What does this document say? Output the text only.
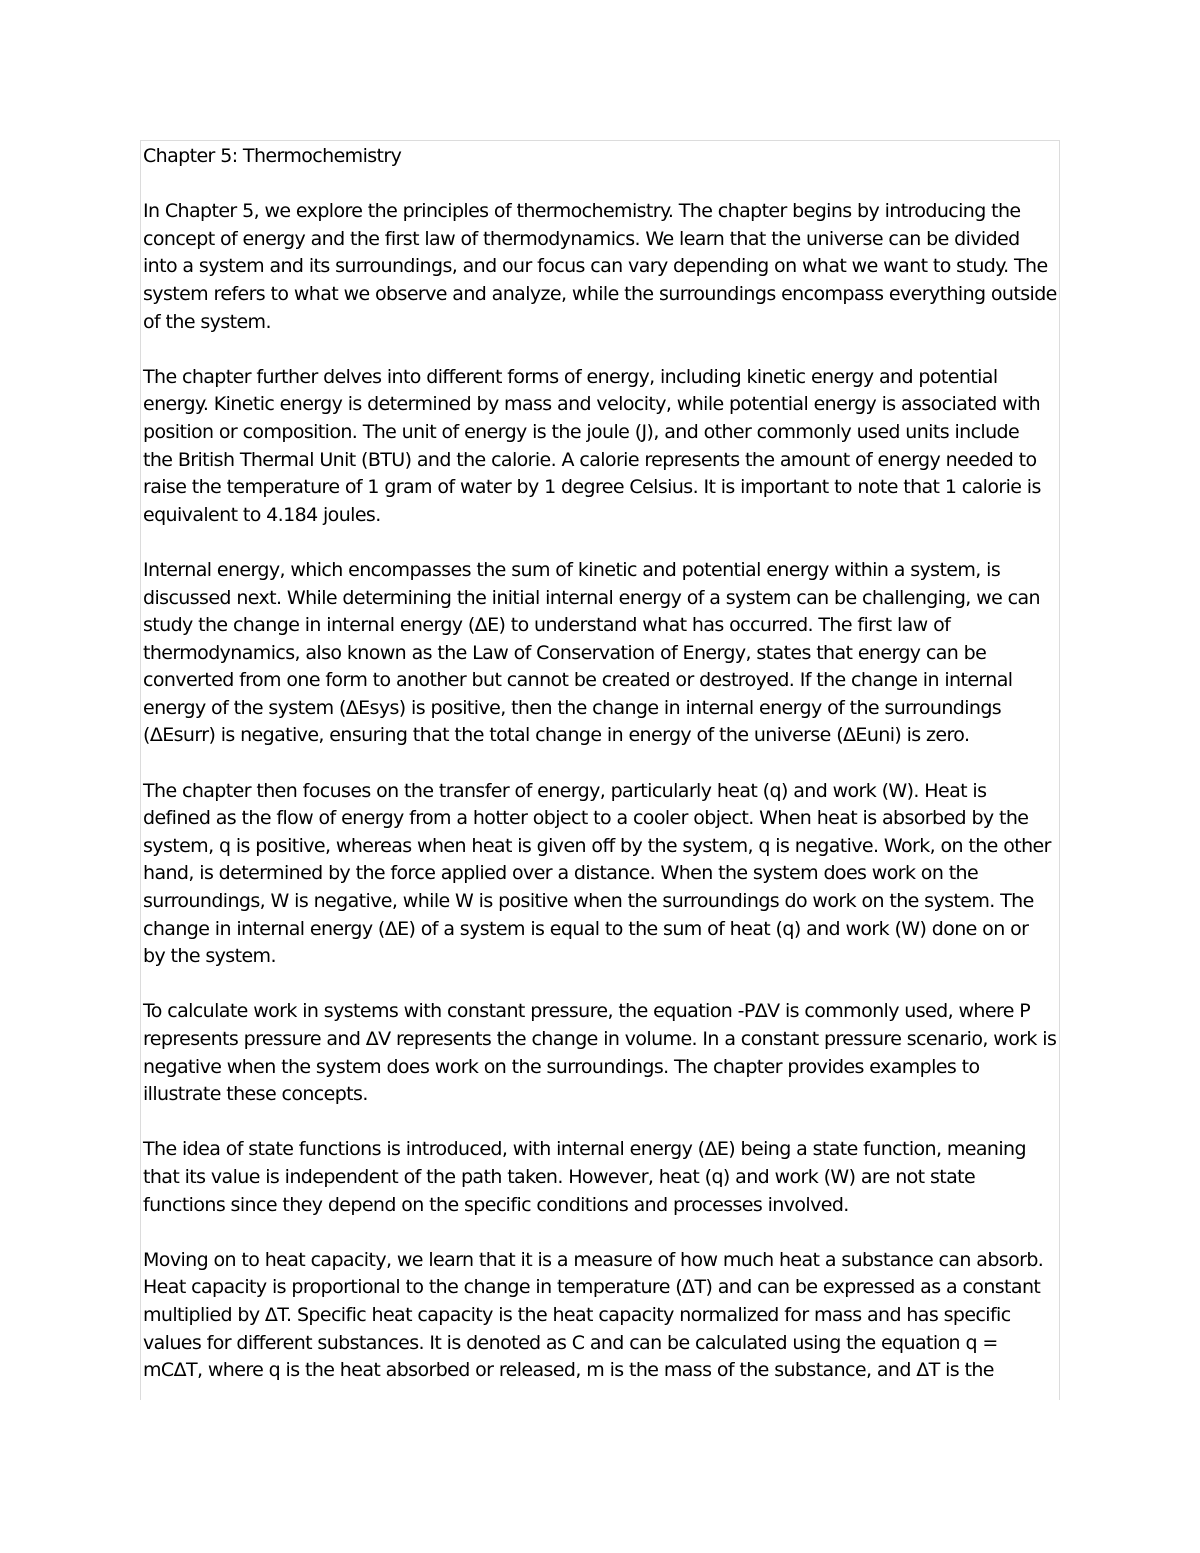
Chapter 5: Thermochemistry
In Chapter 5, we explore the principles of thermochemistry. The chapter begins by introducing the
concept of energy and the first law of thermodynamics. We learn that the universe can be divided
into a system and its surroundings, and our focus can vary depending on what we want to study. The
system refers to what we observe and analyze, while the surroundings encompass everything outside
of the system.
The chapter further delves into different forms of energy, including kinetic energy and potential
energy. Kinetic energy is determined by mass and velocity, while potential energy is associated with
position or composition. The unit of energy is the joule (J), and other commonly used units include
the British Thermal Unit (BTU) and the calorie. A calorie represents the amount of energy needed to
raise the temperature of 1 gram of water by 1 degree Celsius. It is important to note that 1 calorie is
equivalent to 4.184 joules.
Internal energy, which encompasses the sum of kinetic and potential energy within a system, is
discussed next. While determining the initial internal energy of a system can be challenging, we can
study the change in internal energy (ΔE) to understand what has occurred. The first law of
thermodynamics, also known as the Law of Conservation of Energy, states that energy can be
converted from one form to another but cannot be created or destroyed. If the change in internal
energy of the system (ΔEsys) is positive, then the change in internal energy of the surroundings
(ΔEsurr) is negative, ensuring that the total change in energy of the universe (ΔEuni) is zero.
The chapter then focuses on the transfer of energy, particularly heat (q) and work (W). Heat is
defined as the flow of energy from a hotter object to a cooler object. When heat is absorbed by the
system, q is positive, whereas when heat is given off by the system, q is negative. Work, on the other
hand, is determined by the force applied over a distance. When the system does work on the
surroundings, W is negative, while W is positive when the surroundings do work on the system. The
change in internal energy (ΔE) of a system is equal to the sum of heat (q) and work (W) done on or
by the system.
To calculate work in systems with constant pressure, the equation -PΔV is commonly used, where P
represents pressure and ΔV represents the change in volume. In a constant pressure scenario, work is
negative when the system does work on the surroundings. The chapter provides examples to
illustrate these concepts.
The idea of state functions is introduced, with internal energy (ΔE) being a state function, meaning
that its value is independent of the path taken. However, heat (q) and work (W) are not state
functions since they depend on the specific conditions and processes involved.
Moving on to heat capacity, we learn that it is a measure of how much heat a substance can absorb.
Heat capacity is proportional to the change in temperature (ΔT) and can be expressed as a constant
multiplied by ΔT. Specific heat capacity is the heat capacity normalized for mass and has specific
values for different substances. It is denoted as C and can be calculated using the equation q =
mCΔT, where q is the heat absorbed or released, m is the mass of the substance, and ΔT is the
